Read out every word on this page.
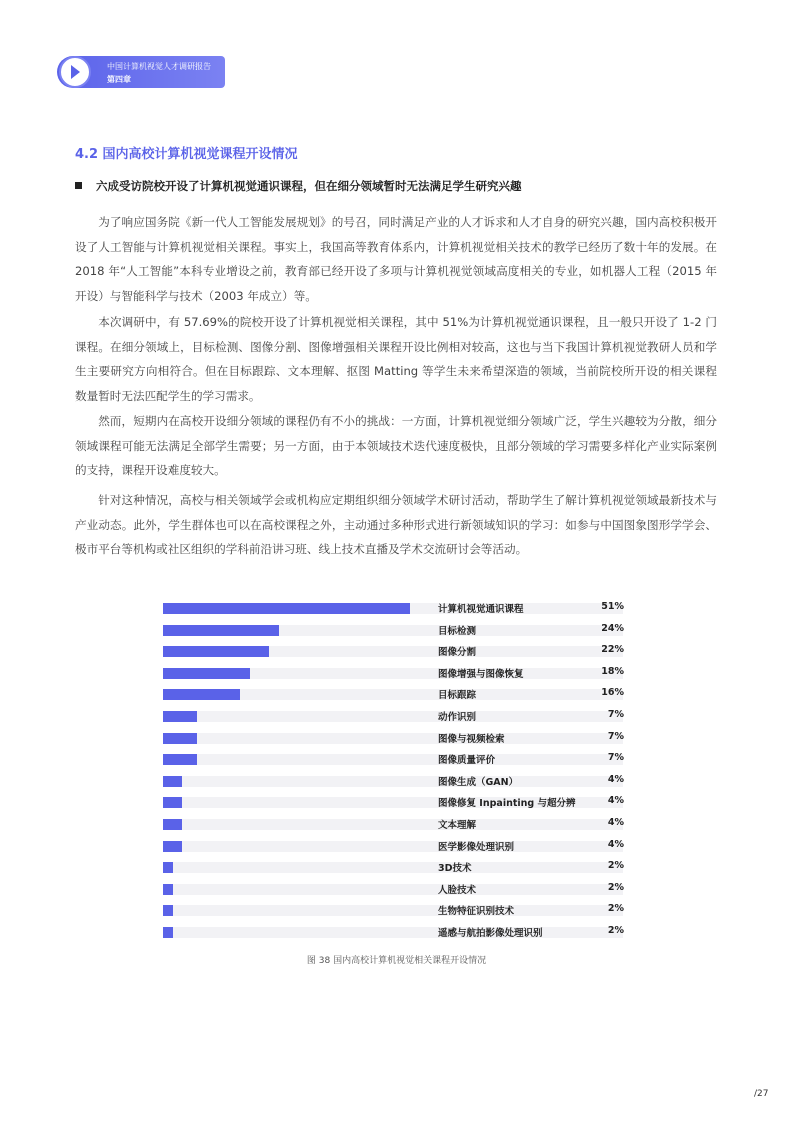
中国计算机视觉人才调研报告
第四章
4.2 国内高校计算机视觉课程开设情况
六成受访院校开设了计算机视觉通识课程，但在细分领域暂时无法满足学生研究兴趣

为了响应国务院《新一代人工智能发展规划》的号召，同时满足产业的人才诉求和人才自身的研究兴趣，国内高校积极开设了人工智能与计算机视觉相关课程。事实上，我国高等教育体系内，计算机视觉相关技术的教学已经历了数十年的发展。在 2018 年“人工智能”本科专业增设之前，教育部已经开设了多项与计算机视觉领域高度相关的专业，如机器人工程（2015 年开设）与智能科学与技术（2003 年成立）等。

本次调研中，有 57.69%的院校开设了计算机视觉相关课程，其中 51%为计算机视觉通识课程，且一般只开设了 1-2 门课程。在细分领域上，目标检测、图像分割、图像增强相关课程开设比例相对较高，这也与当下我国计算机视觉教研人员和学生主要研究方向相符合。但在目标跟踪、文本理解、抠图 Matting 等学生未来希望深造的领域，当前院校所开设的相关课程数量暂时无法匹配学生的学习需求。

然而，短期内在高校开设细分领域的课程仍有不小的挑战：一方面，计算机视觉细分领域广泛，学生兴趣较为分散，细分领域课程可能无法满足全部学生需要；另一方面，由于本领域技术迭代速度极快，且部分领域的学习需要多样化产业实际案例的支持，课程开设难度较大。

针对这种情况，高校与相关领域学会或机构应定期组织细分领域学术研讨活动，帮助学生了解计算机视觉领域最新技术与产业动态。此外，学生群体也可以在高校课程之外，主动通过多种形式进行新领域知识的学习：如参与中国图象图形学学会、极市平台等机构或社区组织的学科前沿讲习班、线上技术直播及学术交流研讨会等活动。

计算机视觉通识课程	51%
目标检测	24%
图像分割	22%
图像增强与图像恢复	18%
目标跟踪	16%
动作识别	7%
图像与视频检索	7%
图像质量评价	7%
图像生成（GAN）	4%
图像修复 Inpainting 与超分辨	4%
文本理解	4%
医学影像处理识别	4%
3D技术	2%
人脸技术	2%
生物特征识别技术	2%
遥感与航拍影像处理识别	2%
图 38 国内高校计算机视觉相关课程开设情况
/27
